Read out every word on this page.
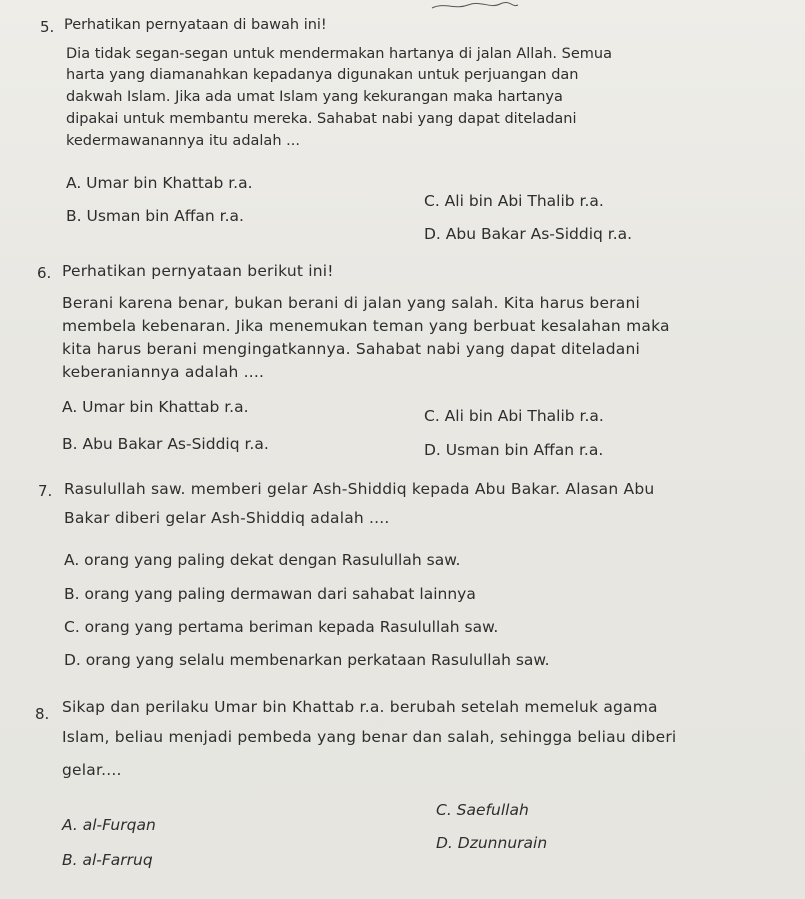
5. Perhatikan pernyataan di bawah ini!
Dia tidak segan-segan untuk mendermakan hartanya di jalan Allah. Semua
harta yang diamanahkan kepadanya digunakan untuk perjuangan dan
dakwah Islam. Jika ada umat Islam yang kekurangan maka hartanya
dipakai untuk membantu mereka. Sahabat nabi yang dapat diteladani
kedermawanannya itu adalah ...
A. Umar bin Khattab r.a.
C. Ali bin Abi Thalib r.a.
B. Usman bin Affan r.a.
D. Abu Bakar As-Siddiq r.a.
6. Perhatikan pernyataan berikut ini!
Berani karena benar, bukan berani di jalan yang salah. Kita harus berani
membela kebenaran. Jika menemukan teman yang berbuat kesalahan maka
kita harus berani mengingatkannya. Sahabat nabi yang dapat diteladani
keberaniannya adalah ....
A. Umar bin Khattab r.a.	C. Ali bin Abi Thalib r.a.
B. Abu Bakar As-Siddiq r.a.	D. Usman bin Affan r.a.
7. Rasulullah saw. memberi gelar Ash-Shiddiq kepada Abu Bakar. Alasan Abu
Bakar diberi gelar Ash-Shiddiq adalah ....
A. orang yang paling dekat dengan Rasulullah saw.
B. orang yang paling dermawan dari sahabat lainnya
C. orang yang pertama beriman kepada Rasulullah saw.
D. orang yang selalu membenarkan perkataan Rasulullah saw.
8. Sikap dan perilaku Umar bin Khattab r.a. berubah setelah memeluk agama
Islam, beliau menjadi pembeda yang benar dan salah, sehingga beliau diberi
gelar....
C. Saefullah
A. al-Furqan
D. Dzunnurain
B. al-Farruq
